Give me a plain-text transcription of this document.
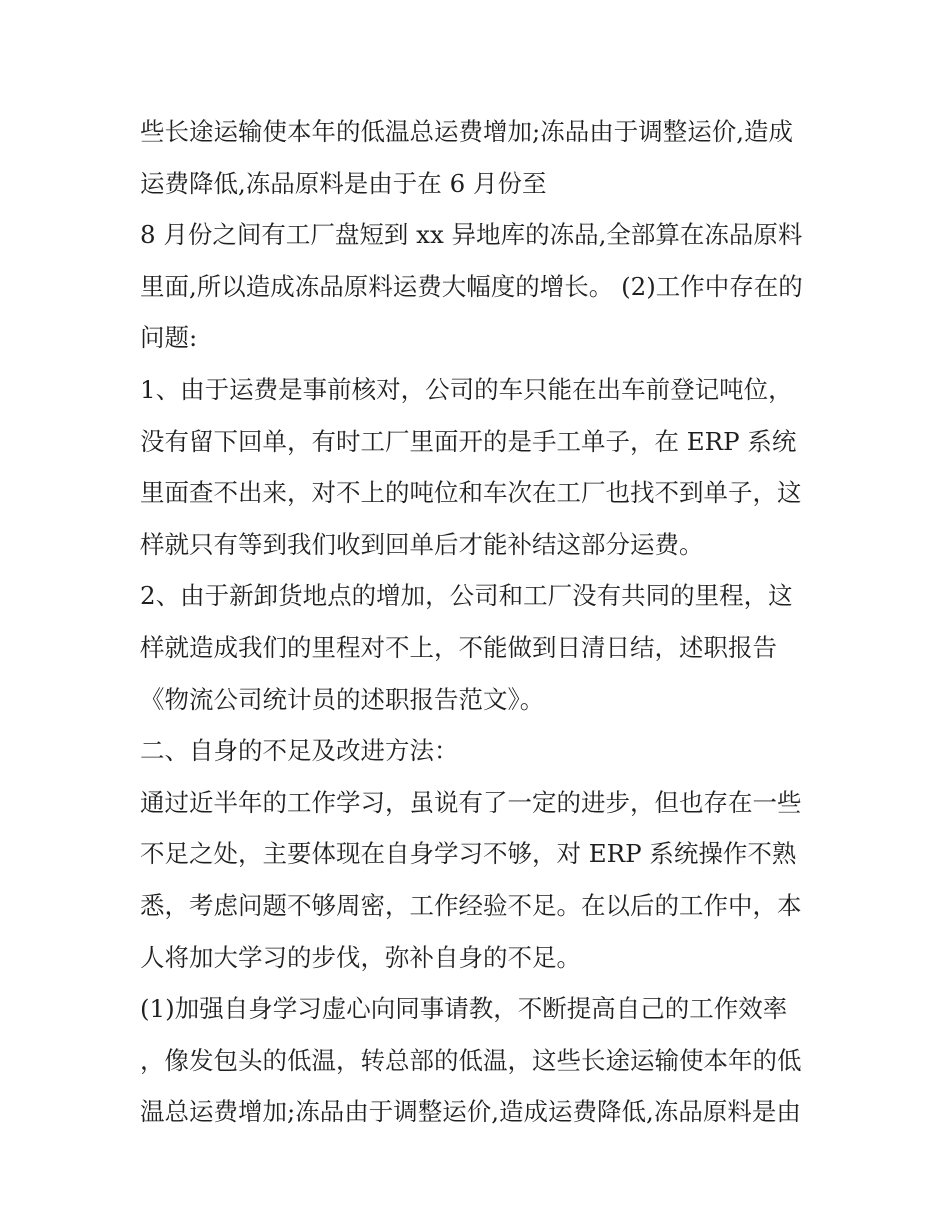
些长途运输使本年的低温总运费增加;冻品由于调整运价,造成
运费降低,冻品原料是由于在 6 月份至
8 月份之间有工厂盘短到 xx 异地库的冻品,全部算在冻品原料
里面,所以造成冻品原料运费大幅度的增长。 (2)工作中存在的
问题:
1、由于运费是事前核对，公司的车只能在出车前登记吨位，
没有留下回单，有时工厂里面开的是手工单子，在 ERP 系统
里面查不出来，对不上的吨位和车次在工厂也找不到单子，这
样就只有等到我们收到回单后才能补结这部分运费。
2、由于新卸货地点的增加，公司和工厂没有共同的里程，这
样就造成我们的里程对不上，不能做到日清日结，述职报告
《物流公司统计员的述职报告范文》。
二、自身的不足及改进方法：
通过近半年的工作学习，虽说有了一定的进步，但也存在一些
不足之处，主要体现在自身学习不够，对 ERP 系统操作不熟
悉，考虑问题不够周密，工作经验不足。在以后的工作中，本
人将加大学习的步伐，弥补自身的不足。
(1)加强自身学习虚心向同事请教，不断提高自己的工作效率
，像发包头的低温，转总部的低温，这些长途运输使本年的低
温总运费增加;冻品由于调整运价,造成运费降低,冻品原料是由
